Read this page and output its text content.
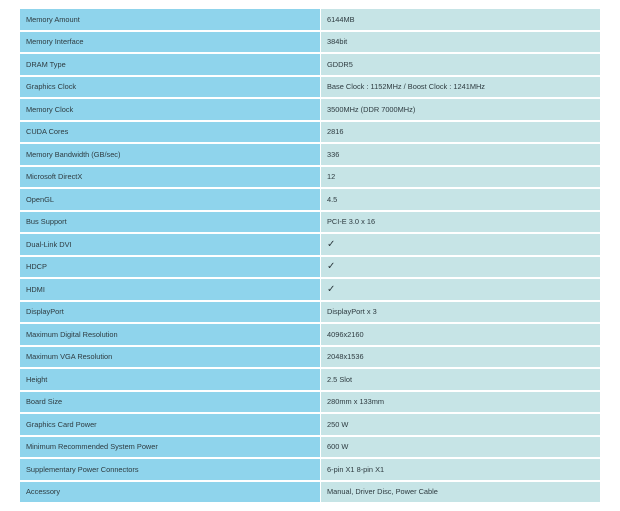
Memory Amount	6144MB
Memory Interface	384bit
DRAM Type	GDDR5
Graphics Clock	Base Clock : 1152MHz / Boost Clock : 1241MHz
Memory Clock	3500MHz (DDR 7000MHz)
CUDA Cores	2816
Memory Bandwidth (GB/sec)	336
Microsoft DirectX	12
OpenGL	4.5
Bus Support	PCI-E 3.0 x 16
Dual-Link DVI	✓
HDCP	✓
HDMI	✓
DisplayPort	DisplayPort x 3
Maximum Digital Resolution	4096x2160
Maximum VGA Resolution	2048x1536
Height	2.5 Slot
Board Size	280mm x 133mm
Graphics Card Power	250 W
Minimum Recommended System Power	600 W
Supplementary Power Connectors	6-pin X1 8-pin X1
Accessory	Manual, Driver Disc, Power Cable
